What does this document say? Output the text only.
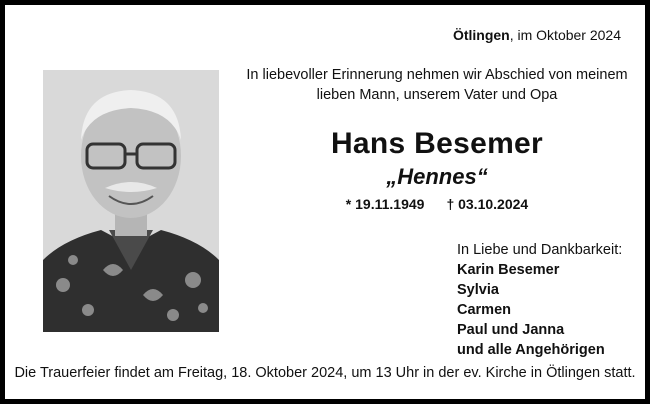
Ötlingen, im Oktober 2024
In liebevoller Erinnerung nehmen wir Abschied von meinem
lieben Mann, unserem Vater und Opa
Hans Besemer
„Hennes“
* 19.11.1949 † 03.10.2024
In Liebe und Dankbarkeit:
Karin Besemer
Sylvia
Carmen
Paul und Janna
und alle Angehörigen
Die Trauerfeier findet am Freitag, 18. Oktober 2024, um 13 Uhr in der ev. Kirche in Ötlingen statt.
